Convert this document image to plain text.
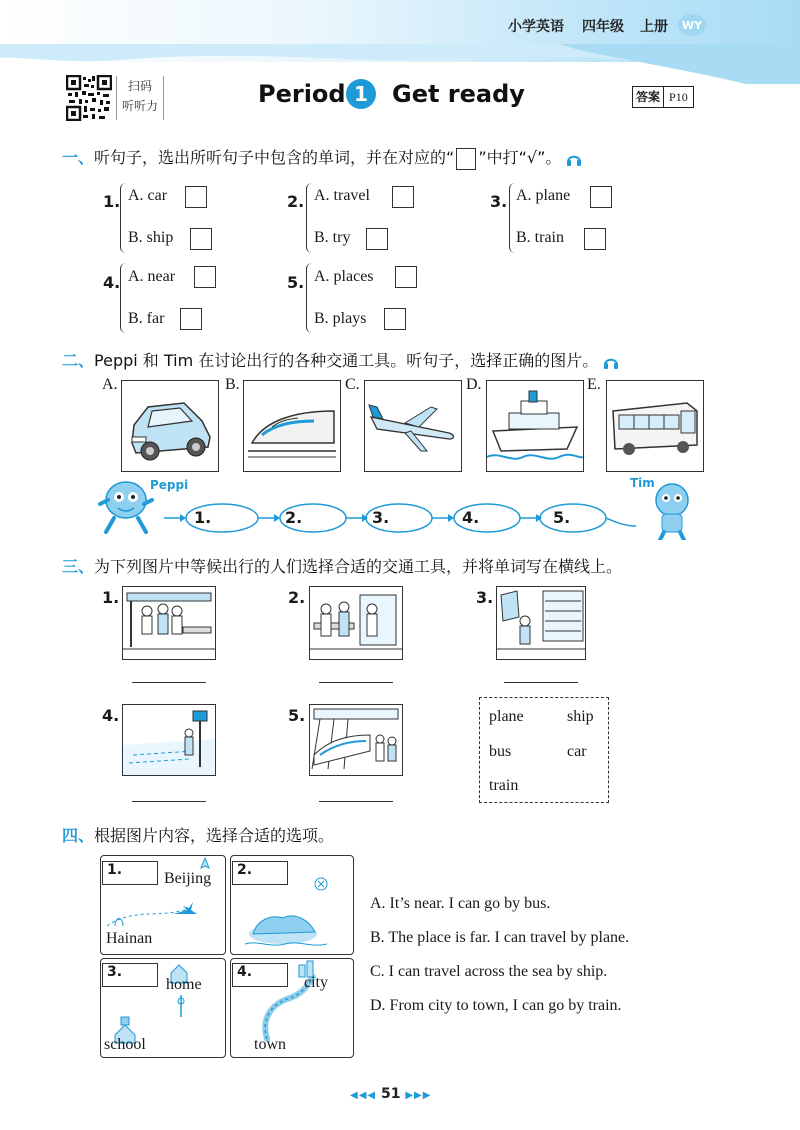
小学英语 四年级 上册	WY
扫码
听听力	Period 1	Get ready	答案 P10
一、听句子，选出所听句子中包含的单词，并在对应的“ ”中打“√”。
1. A. car
B. ship
2. A. travel
B. try
3. A. plane
B. train
4. A. near
B. far
5. A. places
B. plays
二、Peppi 和 Tim 在讨论出行的各种交通工具。听句子，选择正确的图片。
A.	B.	C.	D.	E.
Peppi	Tim
1.	2.	3.	4.	5.
三、为下列图片中等候出行的人们选择合适的交通工具，并将单词写在横线上。
1.	2.	3.
4.	5.	plane	ship
bus	car
train
四、根据图片内容，选择合适的选项。
1.	Beijing
Hainan
2.
3.
home
school
4.
city
town
A. It’s near. I can go by bus.
B. The place is far. I can travel by plane.
C. I can travel across the sea by ship.
D. From city to town, I can go by train.
◀◀◀ 51 ▶▶▶
